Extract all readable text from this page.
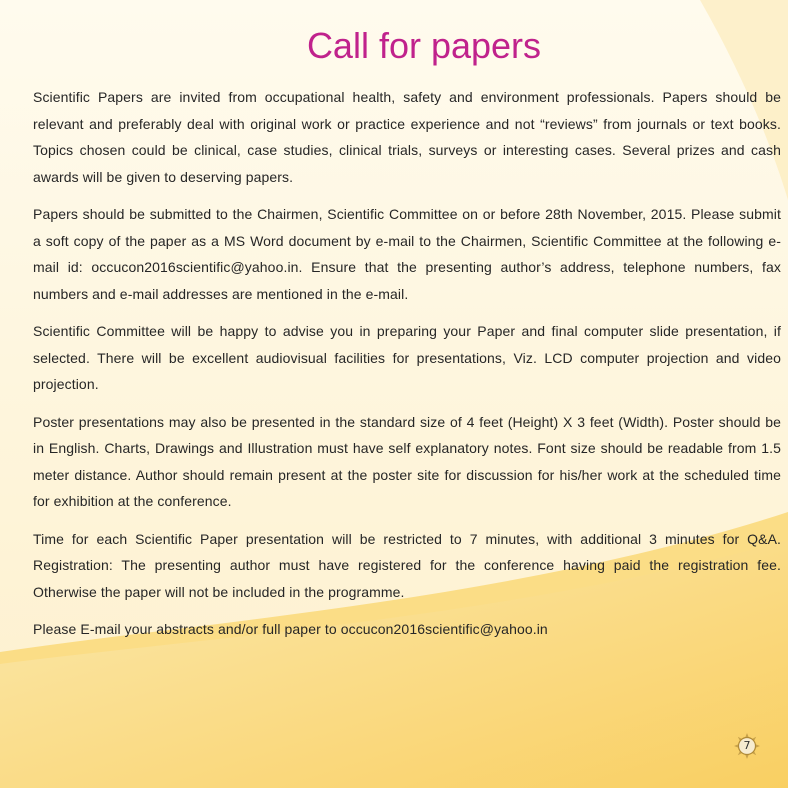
Call for papers

Scientific Papers are invited from occupational health, safety and environment professionals. Papers should be relevant and preferably deal with original work or practice experience and not “reviews” from journals or text books. Topics chosen could be clinical, case studies, clinical trials, surveys or interesting cases. Several prizes and cash awards will be given to deserving papers.

Papers should be submitted to the Chairmen, Scientific Committee on or before 28th November, 2015. Please submit a soft copy of the paper as a MS Word document by e-mail to the Chairmen, Scientific Committee at the following e-mail id: occucon2016scientific@yahoo.in. Ensure that the presenting author’s address, telephone numbers, fax numbers and e-mail addresses are mentioned in the e-mail.

Scientific Committee will be happy to advise you in preparing your Paper and final computer slide presentation, if selected. There will be excellent audiovisual facilities for presentations, Viz. LCD computer projection and video projection.

Poster presentations may also be presented in the standard size of 4 feet (Height) X 3 feet (Width). Poster should be in English. Charts, Drawings and Illustration must have self explanatory notes. Font size should be readable from 1.5 meter distance. Author should remain present at the poster site for discussion for his/her work at the scheduled time for exhibition at the conference.

Time for each Scientific Paper presentation will be restricted to 7 minutes, with additional 3 minutes for Q&A. Registration: The presenting author must have registered for the conference having paid the registration fee. Otherwise the paper will not be included in the programme.

Please E-mail your abstracts and/or full paper to occucon2016scientific@yahoo.in

7
